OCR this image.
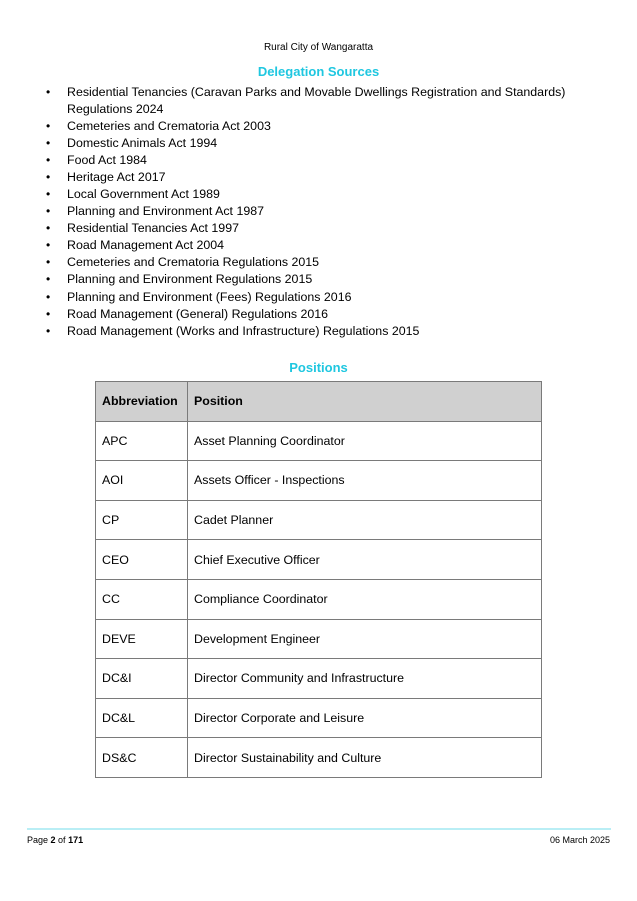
Rural City of Wangaratta
Delegation Sources
• Residential Tenancies (Caravan Parks and Movable Dwellings Registration and Standards) Regulations 2024
• Cemeteries and Crematoria Act 2003
• Domestic Animals Act 1994
• Food Act 1984
• Heritage Act 2017
• Local Government Act 1989
• Planning and Environment Act 1987
• Residential Tenancies Act 1997
• Road Management Act 2004
• Cemeteries and Crematoria Regulations 2015
• Planning and Environment Regulations 2015
• Planning and Environment (Fees) Regulations 2016
• Road Management (General) Regulations 2016
• Road Management (Works and Infrastructure) Regulations 2015
Positions
Abbreviation	Position
APC	Asset Planning Coordinator
AOI	Assets Officer - Inspections
CP	Cadet Planner
CEO	Chief Executive Officer
CC	Compliance Coordinator
DEVE	Development Engineer
DC&I	Director Community and Infrastructure
DC&L	Director Corporate and Leisure
DS&C	Director Sustainability and Culture
Page 2 of 171	06 March 2025
